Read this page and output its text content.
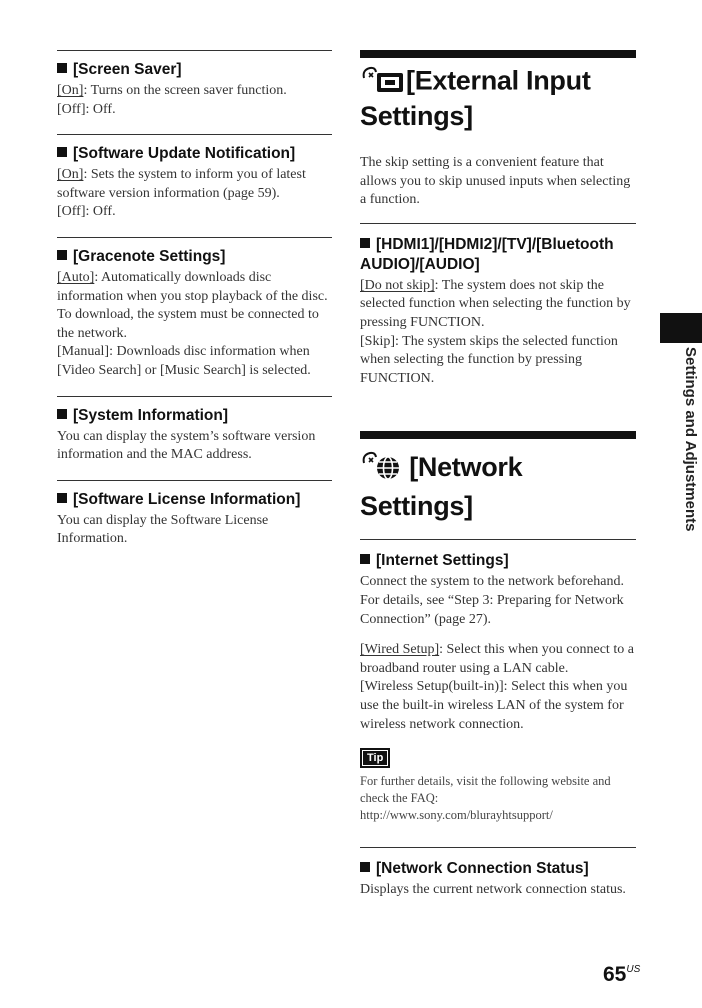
[Screen Saver]

[On]: Turns on the screen saver function.

[Off]: Off.

[Software Update Notification]

[On]: Sets the system to inform you of latest software version information (page 59).

[Off]: Off.

[Gracenote Settings]

[Auto]: Automatically downloads disc information when you stop playback of the disc. To download, the system must be connected to the network.

[Manual]: Downloads disc information when [Video Search] or [Music Search] is selected.

[System Information]

You can display the system’s software version information and the MAC address.

[Software License Information]

You can display the Software License Information.

[External Input
Settings]

The skip setting is a convenient feature that allows you to skip unused inputs when selecting a function.

[HDMI1]/[HDMI2]/[TV]/[Bluetooth AUDIO]/[AUDIO]

[Do not skip]: The system does not skip the selected function when selecting the function by pressing FUNCTION.

[Skip]: The system skips the selected function when selecting the function by pressing FUNCTION.

[Network Settings]
[Internet Settings]

Connect the system to the network beforehand. For details, see “Step 3: Preparing for Network Connection” (page 27).

[Wired Setup]: Select this when you connect to a broadband router using a LAN cable.

[Wireless Setup(built-in)]: Select this when you use the built-in wireless LAN of the system for wireless network connection.

Tip
For further details, visit the following website and check the FAQ:
http://www.sony.com/blurayhtsupport/
[Network Connection Status]

Displays the current network connection status.

Settings and Adjustments
$65^{US}$
